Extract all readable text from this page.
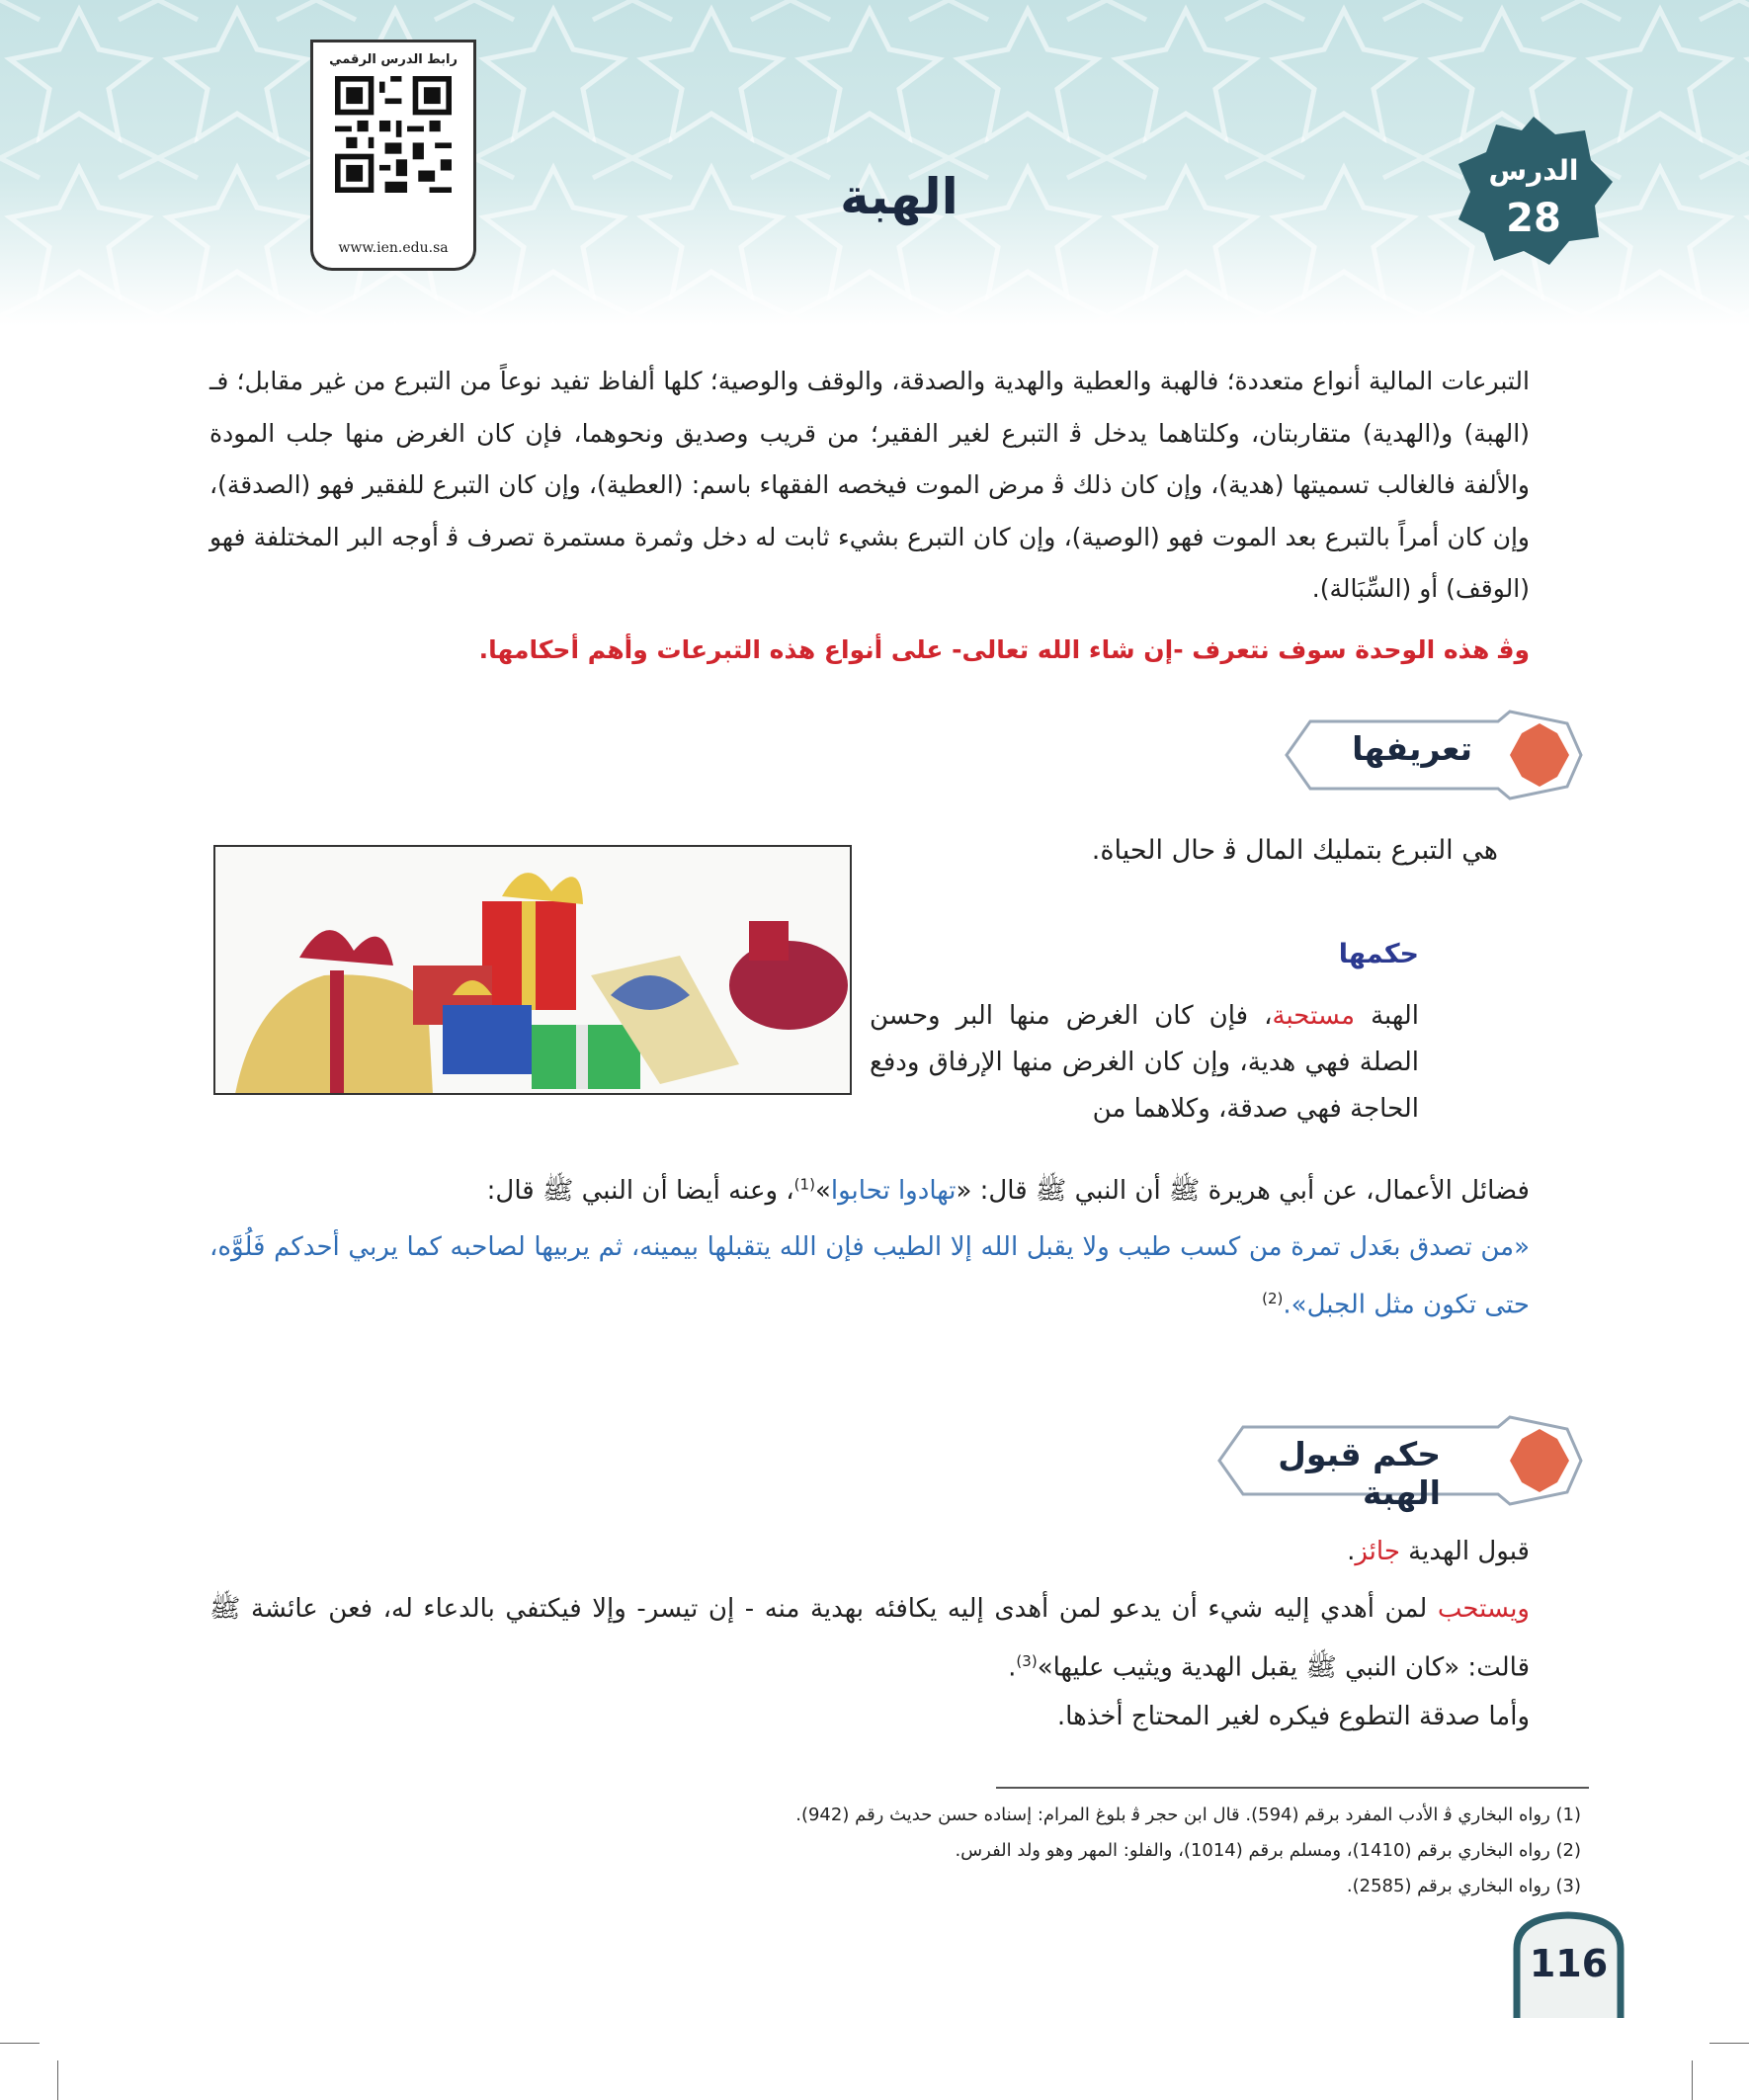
رابط الدرس الرقمي
www.ien.edu.sa
الهبة	الدرس
28
التبرعات المالية أنواع متعددة؛ فالهبة والعطية والهدية والصدقة، والوقف والوصية؛ كلها ألفاظ تفيد نوعاً من التبرع من غير مقابل؛ فـ (الهبة) و(الهدية) متقاربتان، وكلتاهما يدخل ﭬ التبرع لغير الفقير؛ من قريب وصديق ونحوهما، فإن كان الغرض منها جلب المودة والألفة فالغالب تسميتها (هدية)، وإن كان ذلك ﭬ مرض الموت فيخصه الفقهاء باسم: (العطية)، وإن كان التبرع للفقير فهو (الصدقة)، وإن كان أمراً بالتبرع بعد الموت فهو (الوصية)، وإن كان التبرع بشيء ثابت له دخل وثمرة مستمرة تصرف ﭬ أوجه البر المختلفة فهو (الوقف) أو (السِّبَالة).
وﭬ هذه الوحدة سوف نتعرف -إن شاء الله تعالى- على أنواع هذه التبرعات وأهم أحكامها.
تعريفها
هي التبرع بتمليك المال ﭬ حال الحياة.
حكمها
الهبة مستحبة، فإن كان الغرض منها البر وحسن الصلة فهي هدية، وإن كان الغرض منها الإرفاق ودفع الحاجة فهي صدقة، وكلاهما من
فضائل الأعمال، عن أبي هريرة ﷺ أن النبي ﷺ قال: «تهادوا تحابوا»$^{(1)}$، وعنه أيضا أن النبي ﷺ قال:
«من تصدق بعَدل تمرة من كسب طيب ولا يقبل الله إلا الطيب فإن الله يتقبلها بيمينه، ثم يربيها لصاحبه كما يربي أحدكم فَلُوَّه، حتى تكون مثل الجبل».$^{(2)}$
حكم قبول الهبة
قبول الهدية جائز.
ويستحب لمن أهدي إليه شيء أن يدعو لمن أهدى إليه يكافئه بهدية منه - إن تيسر- وإلا فيكتفي بالدعاء له، فعن عائشة ﷺ قالت: «كان النبي ﷺ يقبل الهدية ويثيب عليها»$^{(3)}$.
وأما صدقة التطوع فيكره لغير المحتاج أخذها.
(1) رواه البخاري ﭬ الأدب المفرد برقم (594). قال ابن حجر ﭬ بلوغ المرام: إسناده حسن حديث رقم (942).
(2) رواه البخاري برقم (1410)، ومسلم برقم (1014)، والفلو: المهر وهو ولد الفرس.
(3) رواه البخاري برقم (2585).
116
